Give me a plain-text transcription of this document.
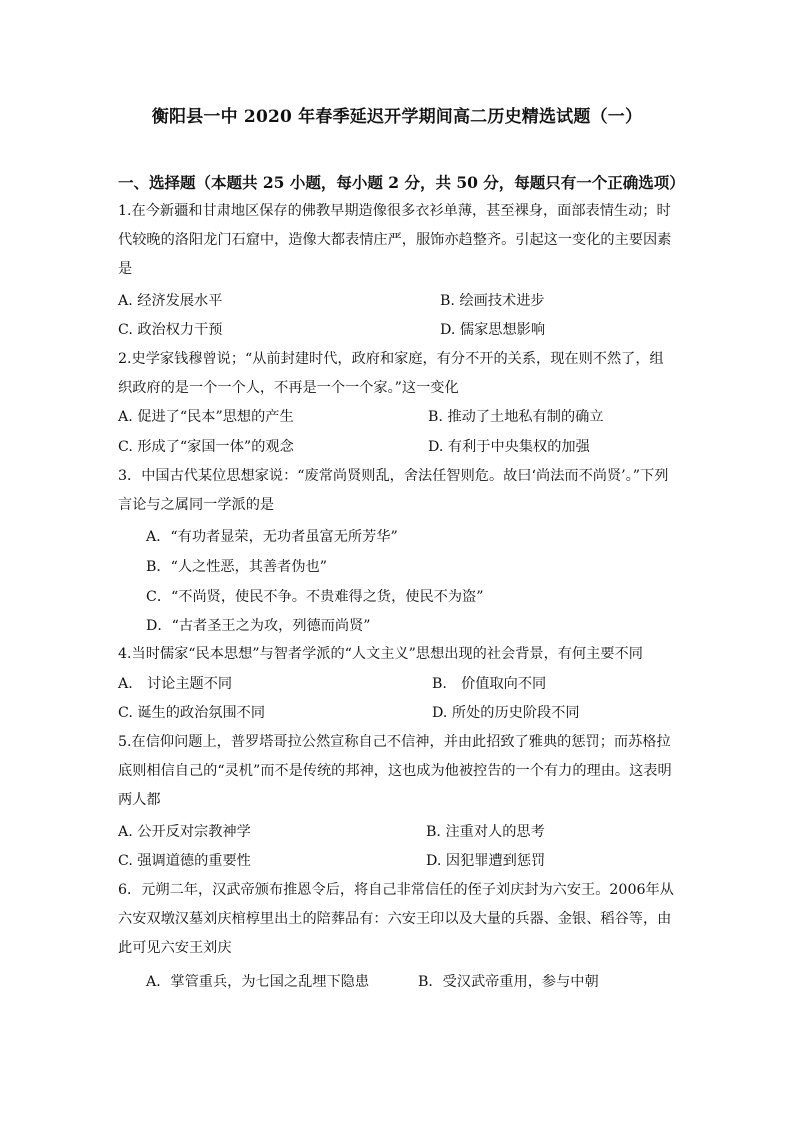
衡阳县一中 2020 年春季延迟开学期间高二历史精选试题（一）
一、选择题（本题共 25 小题，每小题 2 分，共 50 分，每题只有一个正确选项）
1.在今新疆和甘肃地区保存的佛教早期造像很多衣衫单薄，甚至裸身，面部表情生动；时代较晚的洛阳龙门石窟中，造像大都表情庄严，服饰亦趋整齐。引起这一变化的主要因素是
A. 经济发展水平	B. 绘画技术进步
C. 政治权力干预	D. 儒家思想影响
2.史学家钱穆曾说；“从前封建时代，政府和家庭，有分不开的关系，现在则不然了，组织政府的是一个一个人，不再是一个一个家。”这一变化
A. 促进了“民本”思想的产生	B. 推动了土地私有制的确立
C. 形成了“家国一体”的观念	D. 有利于中央集权的加强
3．中国古代某位思想家说：“废常尚贤则乱，舍法任智则危。故曰‘尚法而不尚贤’。”下列言论与之属同一学派的是
A．“有功者显荣，无功者虽富无所芳华”
B．“人之性恶，其善者伪也”
C．“不尚贤，使民不争。不贵难得之货，使民不为盗”
D．“古者圣王之为攻，列德而尚贤”
4.当时儒家“民本思想”与智者学派的“人文主义”思想出现的社会背景，有何主要不同
A.　讨论主题不同	B.　价值取向不同
C. 诞生的政治氛围不同	D. 所处的历史阶段不同
5.在信仰问题上，普罗塔哥拉公然宣称自己不信神，并由此招致了雅典的惩罚；而苏格拉底则相信自己的“灵机”而不是传统的邦神，这也成为他被控告的一个有力的理由。这表明两人都
A. 公开反对宗教神学	B. 注重对人的思考
C. 强调道德的重要性	D. 因犯罪遭到惩罚
6．元朔二年，汉武帝颁布推恩令后，将自己非常信任的侄子刘庆封为六安王。2006年从六安双墩汉墓刘庆棺椁里出土的陪葬品有：六安王印以及大量的兵器、金银、稻谷等，由此可见六安王刘庆
A．掌管重兵，为七国之乱埋下隐患	B．受汉武帝重用，参与中朝
